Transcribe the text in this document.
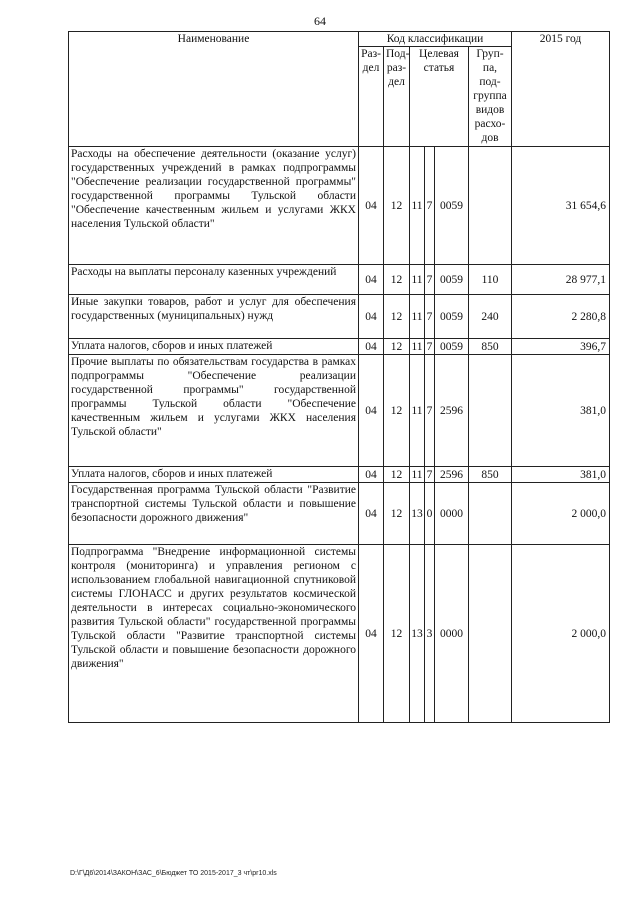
64
Наименование	Код классификации						2015 год
	Раз-дел	Под-раз-дел	Целевая статья			Груп-па, под-группа видов расхо-дов	
Расходы на обеспечение деятельности (оказание услуг) государственных учреждений в рамках подпрограммы "Обеспечение реализации государственной программы" государственной программы Тульской области "Обеспечение качественным жильем и услугами ЖКХ населения Тульской области"	04	12	11	7	0059		31 654,6
Расходы на выплаты персоналу казенных учреждений	04	12	11	7	0059	110	28 977,1
Иные закупки товаров, работ и услуг для обеспечения государственных (муниципальных) нужд	04	12	11	7	0059	240	2 280,8
Уплата налогов, сборов и иных платежей	04	12	11	7	0059	850	396,7
Прочие выплаты по обязательствам государства в рамках подпрограммы "Обеспечение реализации государственной программы" государственной программы Тульской области "Обеспечение качественным жильем и услугами ЖКХ населения Тульской области"	04	12	11	7	2596		381,0
Уплата налогов, сборов и иных платежей	04	12	11	7	2596	850	381,0
Государственная программа Тульской области "Развитие транспортной системы Тульской области и повышение безопасности дорожного движения"	04	12	13	0	0000		2 000,0
Подпрограмма "Внедрение информационной системы контроля (мониторинга) и управления регионом с использованием глобальной навигационной спутниковой системы ГЛОНАСС и других результатов космической деятельности в интересах социально-экономического развития Тульской области" государственной программы Тульской области "Развитие транспортной системы Тульской области и повышение безопасности дорожного движения"	04	12	13	3	0000		2 000,0
D:\Г\Д6\2014\ЗАКОН\ЗАС_6\Бюджет ТО 2015-2017_3 чт\pr10.xls
